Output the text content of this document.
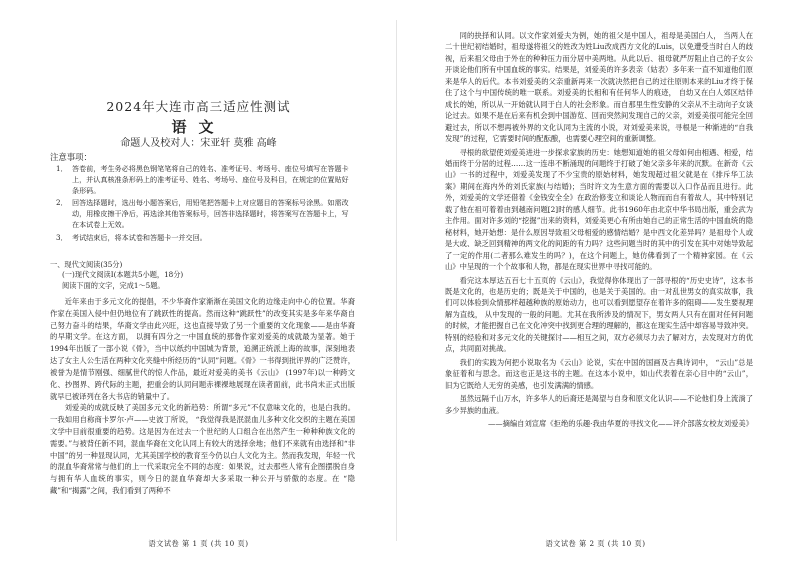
2024年大连市高三适应性测试
语文
命题人及校对人：宋亚轩 莫雅 高峰
注意事项：
1． 答卷前，考生务必将黑色钢笔笔将自己的姓名、准考证号、考场号、座位号填写在答题卡上，并认真核准条形码上的准考证号、姓名、考场号、座位号及科目，在规定的位置贴好条形码。
2． 回答选择题时，选出每小题答案后，用铅笔把答题卡上对应题目的答案标号涂黑。如需改动，用橡皮擦干净后，再选涂其他答案标号，回答非选择题时，将答案写在答题卡上，写在本试卷上无效。
3． 考试结束后，将本试卷和答题卡一并交回。
一、现代文阅读(35分)
(一)现代文阅读Ⅰ(本题共5小题，18分)
阅读下面的文字，完成1～5题。

近年来由于多元文化的提倡，不少华裔作家渐渐在美国文化的边缘走向中心的位置。华裔作家在美国入侵中但仍地位有了跳跃性的提高。然而这种“跳跃性”的改变其实是多年来华裔自己努力奋斗的结果，华裔文学由此兴旺，这也直接导致了另一个重要的文化现象——是由华裔的早期文学。在这方面， 以拥有四分之一中国血统的那鲁作家刘爱美的成就最为显著。她于1994年出版了一部小说《骨》，当中以纸约中国城为背景，追溯正统派上海的故事，深刻地表达了女主人公生活在两种文化夹缝中所经历的“认同”问题。《骨》一书得到批评界的广泛赞许，被誉为是情节刚强、细腻世代的惊人作品，最近对爱美的美书《云山》 (1997年)以一种跨文化、抄图界、跨代际的主题，把重会的认同问题赤裸裸地展现在读者面前，此书尚未正式出版就早已被译列在各大书店的销量中了。

刘爱美的成就反映了美国多元文化的新趋势：所谓“多元”不仅意味文化的，也是白我的。一我如用自称商卡罗尔·卢——史波丁所说， “我觉得我是泯混血儿多种文化交织的主题在美国文学中目前很重要的趋势。这是因为在过去一个世纪的人口组合在出然产生一种种种族文化的需要。”与被背任新不同，混血华裔在文化认同上有较大的选择余地；他们不来就有由选择和“非中国”的另一种显现认同，尤其美国学校的教育至今仍以白人文化为主。然而我发现，年轻一代的混血华裔常常与他们的上一代采取完全不同的态度：如果说，过去那些人常有企图摆脱自身与拥有华人血统的事实，则今日的混血华裔却大多采取一种公开与骄傲的态度。在 “隐藏”和“揭露”之间，我们看到了两种不

语文试卷 第 1 页 (共 10 页)

同的抉择和认同。以文作家刘爱夫为例，她的祖父是中国人，祖母是美国白人， 当两人在二十世纪初结婚时，祖母遂将祖父的姓改为姓Liu改成西方文化的Luis，以免遭受当时白人的歧视，后来祖父母由于外在的种种压力而分居中美两地。从此以后、祖母就严厉阻止自己的子女公开谈论他们所有中国血统的事实。结果是，刘爱美的许多表亲（姑表）多年来一直不知道他们原来是华人的后代。本书刘爱美的父亲重新再来一次就决然把自己的过往原则本来的Liu才终于保住了这个与中国传统的唯一联系。刘爱美的长相和有任何华人的痕迹， 自幼又在白人郊区结伴成长的她，所以从一开始就认同于白人的社会形象。而自那里生性安静的父亲从不主动向子女谈论过去。如果不是在后来有机会到中国游览、回而突然间发现自己的父亲，刘爱美很可能完全回避过去，所以不想再被外界的文化认同为主流的小说，对刘爱美来说，寻根是一种渐进的“自我发现”的过程，它需要时间的配酝酿，也需要心理空间的重新调整。

寻根的欲望使刘爱美进进一步探求家族的历史：她想知道她的祖父母如何由相遇、相爱，结婚而终于分居的过程……这一连串不断涌现的问题终于打破了她父亲多年来的沉默。在新奇《云山》一书的过程中，刘爱美发现了不少宝贵的原始材料，她发现超过祖父就是在《排斥华工法案》期间在海内外的刘氏家族(与结婚)；当时许文为生意方面的需要以入口作品而且进行。此外，刘爱美的文学还借着《金钱安全全》在政治修变立和谈论人物而而自有着故人，其中特别记载了他在祖可着着由到越南问题[2]时的感人细节。此书1960年由北京中华书局出版，重会武为主作用。面对许多刘的“挖掘”出来的资料，刘爱美更心有所由她自己的正常生活的中国血统的隐秘材料，她开始想：是什么原因导致祖父母相爱的感情结婚？是中西文化差异吗？是祖母个人或是大或、缺乏回到精神的两文化的间距的有力吗？这些问题当时的其中的引发在其中对她导致起了一定的作用(二者那么难发生的吗？)，在这个问题上，她仿佛看到了一个精神家园。在《云山》中呈现的一个个故事和人物，都是在现实世界中寻找可能的。

看完这本厚达五百七十五页的《云山》，我觉得你体现出了一部寻根的“历史史诗”，这本书既是文化的，也是历史的；既是关于中国的，也是关于美国的。由一对乱世男女的真实故事，我们可以体验到众情那样超越种族的原始动力，也可以看到愿望存在着许多的阻碍——发生要视理解为直线， 从中发现的一般的问题。尤其在我所涉及的情况下，男女两人只有在面对任何问题的时候，才能把握自己在文化冲突中找到更合理的理解的，都这在现实生活中却容易导致冲突。特别的经验和对多元文化的关键探讨——相互之间，双方必须尽力去了解对方，去发现对方的优点，共同面对挑战。

我们的实践为何把小说取名为《云山》论说，实在中国的国画及古典诗词中， “云山”总是象征着和与思念。而这也正是这书的主题。在这本小说中，如山代表着在亲心目中的“云山”， 旧为它既给人无穷的美感，也引发满满的情感。

虽然远隔千山万水，许多华人的后裔还是渴望与自身和原文化认识——不论他们身上流淌了多少异族的血液。

——摘编自刘宣席《拒绝的乐趣·我由华夏的寻找文化——评介部落女校友刘爱美》

语文试卷 第 2 页 (共 10 页)
